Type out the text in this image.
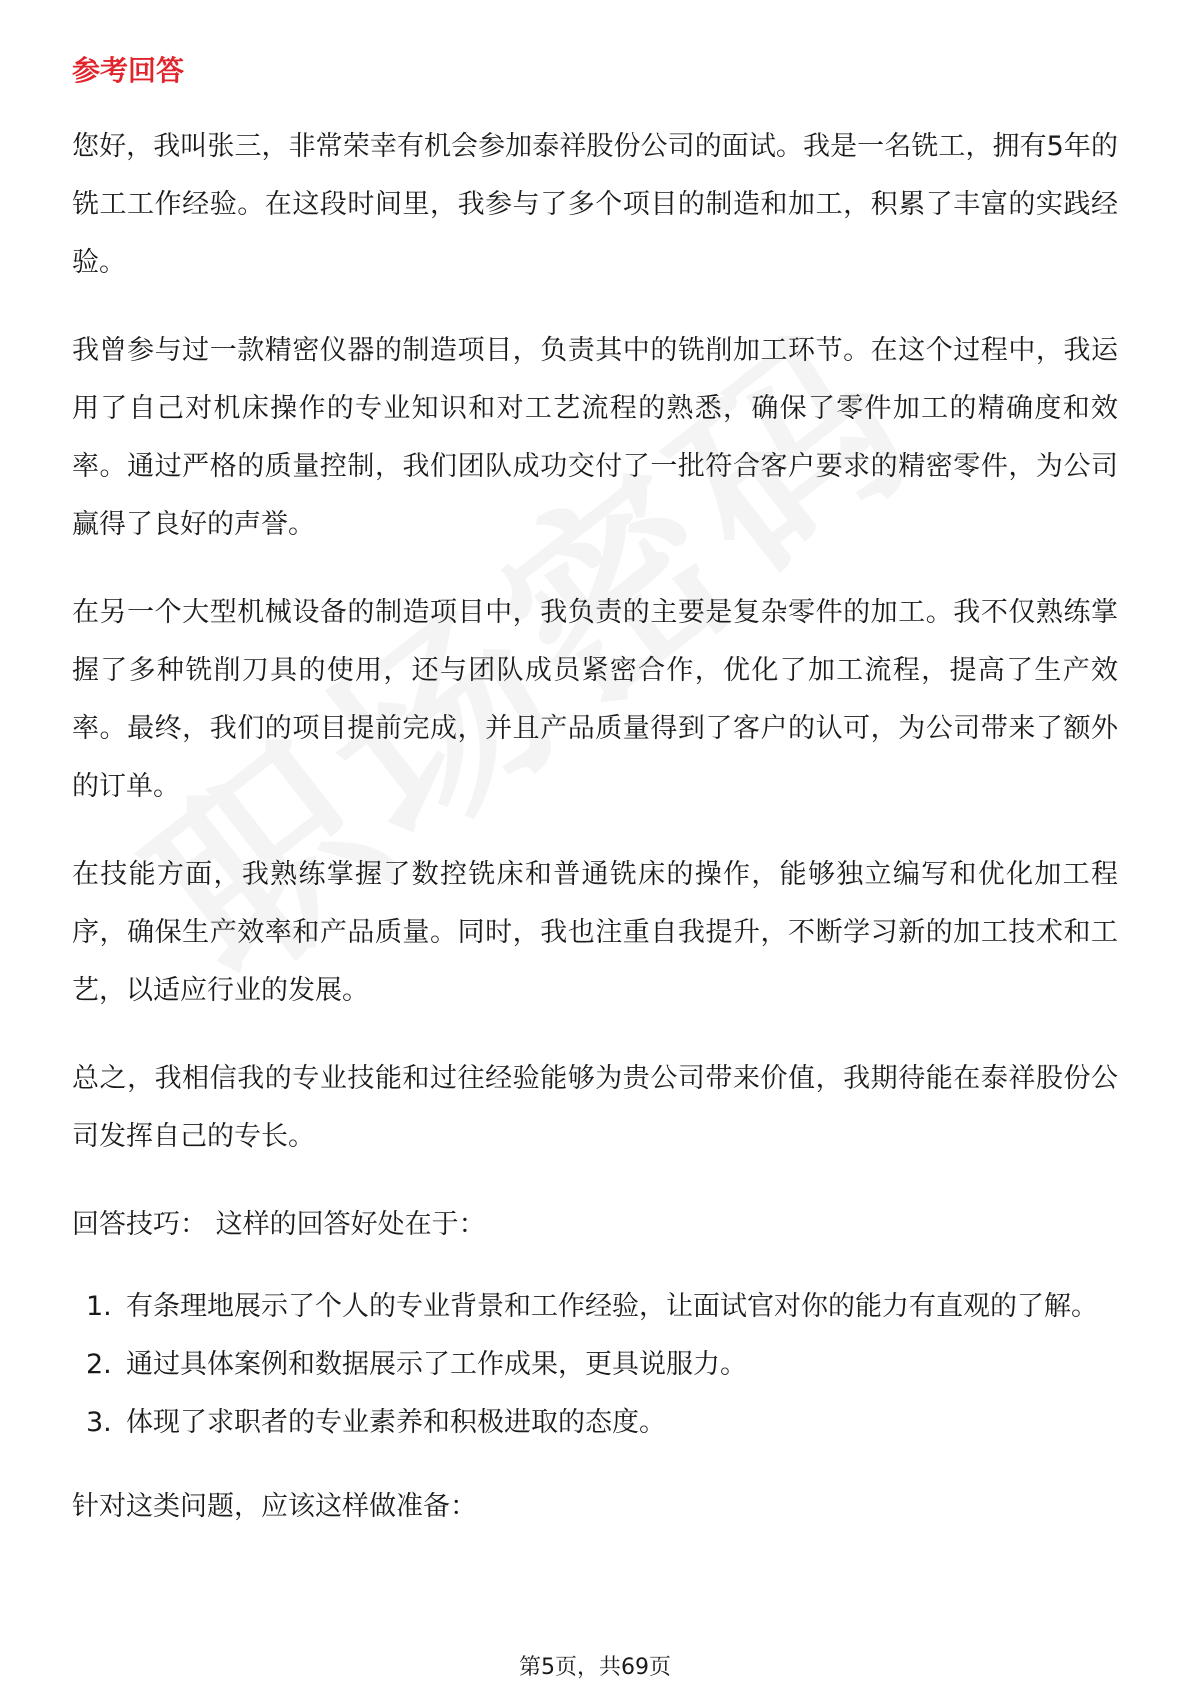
参考回答

您好，我叫张三，非常荣幸有机会参加泰祥股份公司的面试。我是一名铣工，拥有5年的铣工工作经验。在这段时间里，我参与了多个项目的制造和加工，积累了丰富的实践经验。

我曾参与过一款精密仪器的制造项目，负责其中的铣削加工环节。在这个过程中，我运用了自己对机床操作的专业知识和对工艺流程的熟悉，确保了零件加工的精确度和效率。通过严格的质量控制，我们团队成功交付了一批符合客户要求的精密零件，为公司赢得了良好的声誉。

在另一个大型机械设备的制造项目中，我负责的主要是复杂零件的加工。我不仅熟练掌握了多种铣削刀具的使用，还与团队成员紧密合作，优化了加工流程，提高了生产效率。最终，我们的项目提前完成，并且产品质量得到了客户的认可，为公司带来了额外的订单。

在技能方面，我熟练掌握了数控铣床和普通铣床的操作，能够独立编写和优化加工程序，确保生产效率和产品质量。同时，我也注重自我提升，不断学习新的加工技术和工艺，以适应行业的发展。

总之，我相信我的专业技能和过往经验能够为贵公司带来价值，我期待能在泰祥股份公司发挥自己的专长。

回答技巧： 这样的回答好处在于：

1. 有条理地展示了个人的专业背景和工作经验，让面试官对你的能力有直观的了解。
2. 通过具体案例和数据展示了工作成果，更具说服力。
3. 体现了求职者的专业素养和积极进取的态度。

针对这类问题，应该这样做准备：

第5页，共69页
